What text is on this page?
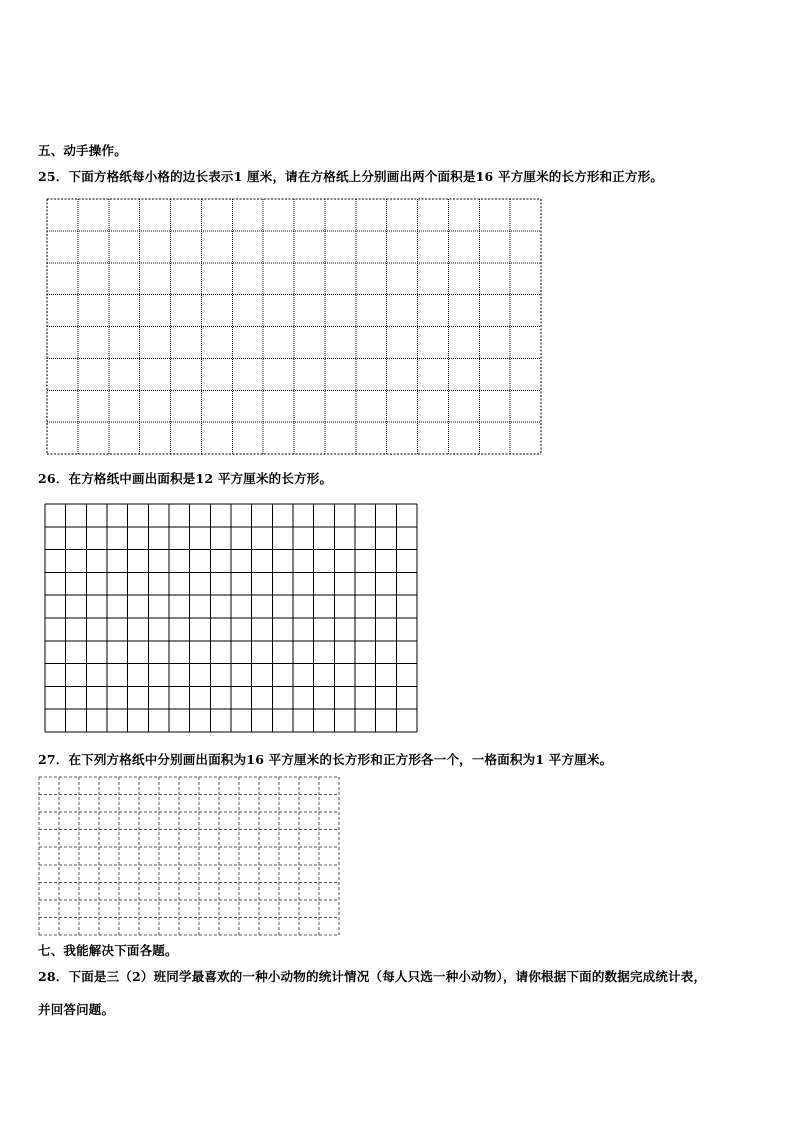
五、动手操作。
25．下面方格纸每小格的边长表示1 厘米，请在方格纸上分别画出两个面积是16 平方厘米的长方形和正方形。
26．在方格纸中画出面积是12 平方厘米的长方形。
27．在下列方格纸中分别画出面积为16 平方厘米的长方形和正方形各一个，一格面积为1 平方厘米。
七、我能解决下面各题。
28．下面是三（2）班同学最喜欢的一种小动物的统计情况（每人只选一种小动物），请你根据下面的数据完成统计表，
并回答问题。
